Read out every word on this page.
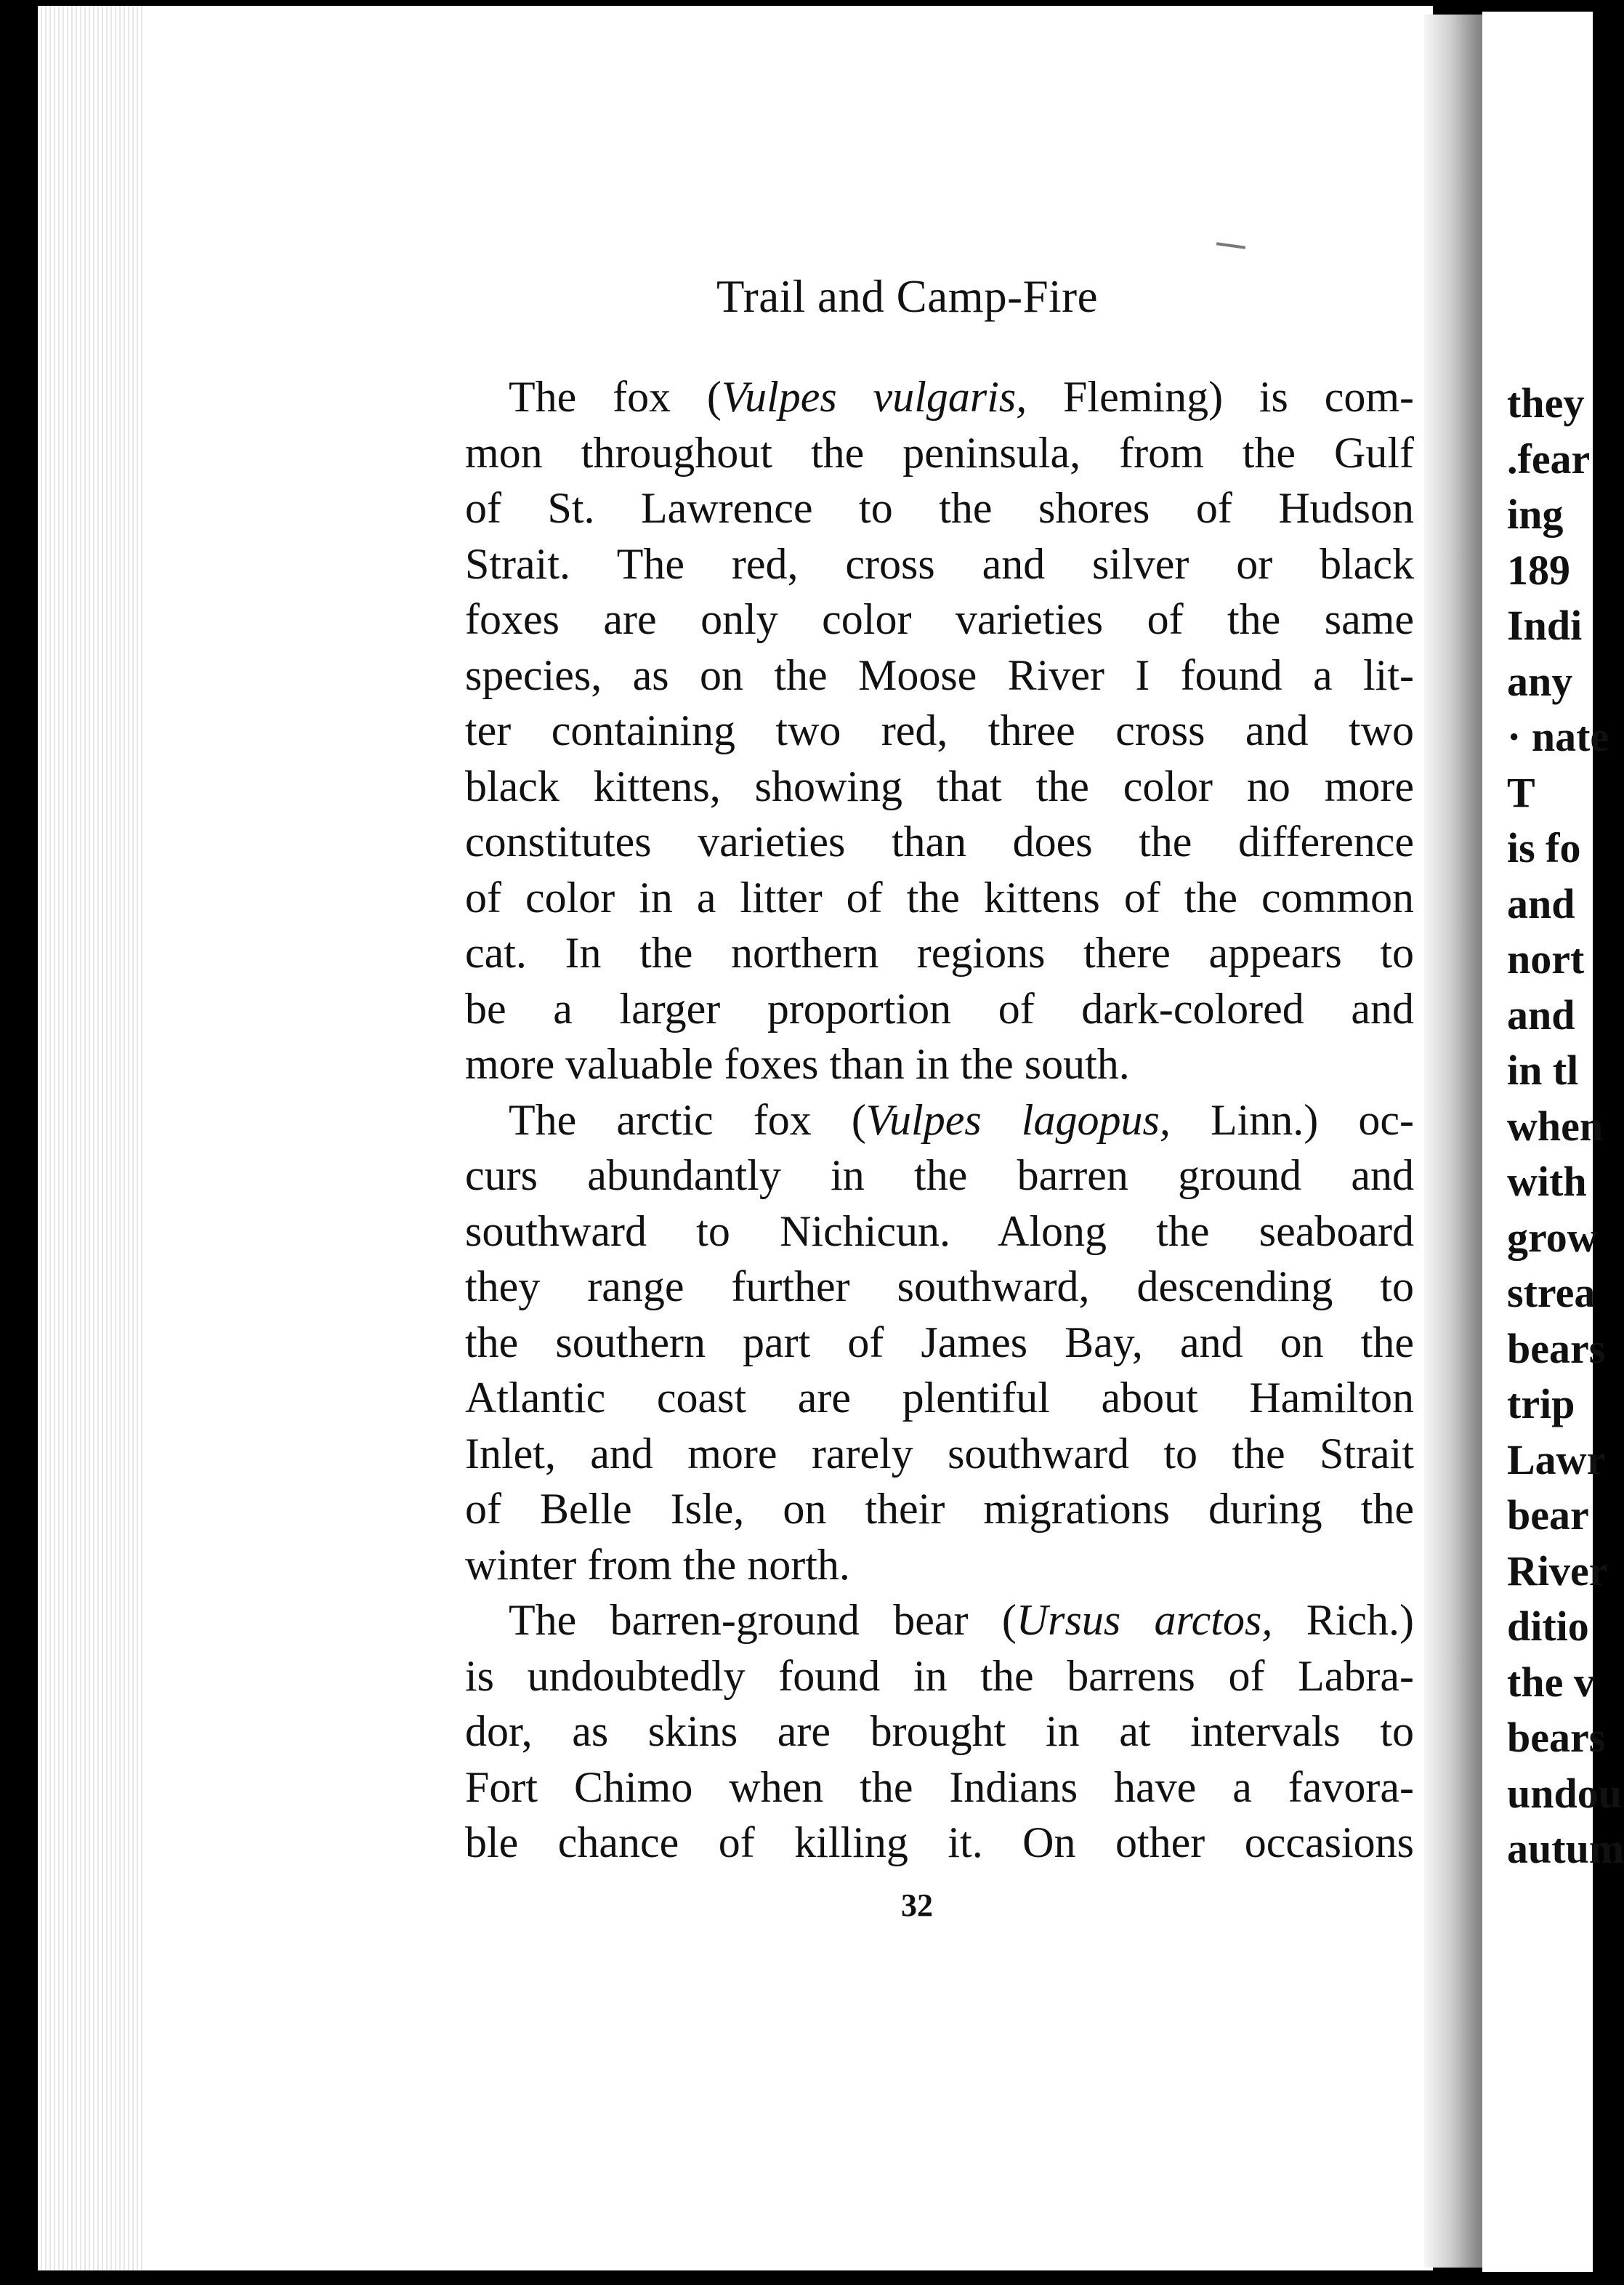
they
.fear
ing
189
Indi
any
· nate
T
is fo
and
nort
and
in tl
when
with
grow
strea
bears
trip
Lawr
bear
River
ditio
the v
bears
undou
autum
Trail and Camp-Fire
The fox (Vulpes vulgaris, Fleming) is com-
mon throughout the peninsula, from the Gulf
of St. Lawrence to the shores of Hudson
Strait. The red, cross and silver or black
foxes are only color varieties of the same
species, as on the Moose River I found a lit-
ter containing two red, three cross and two
black kittens, showing that the color no more
constitutes varieties than does the difference
of color in a litter of the kittens of the common
cat. In the northern regions there appears to
be a larger proportion of dark-colored and
more valuable foxes than in the south.
The arctic fox (Vulpes lagopus, Linn.) oc-
curs abundantly in the barren ground and
southward to Nichicun. Along the seaboard
they range further southward, descending to
the southern part of James Bay, and on the
Atlantic coast are plentiful about Hamilton
Inlet, and more rarely southward to the Strait
of Belle Isle, on their migrations during the
winter from the north.
The barren-ground bear (Ursus arctos, Rich.)
is undoubtedly found in the barrens of Labra-
dor, as skins are brought in at intervals to
Fort Chimo when the Indians have a favora-
ble chance of killing it. On other occasions
32
